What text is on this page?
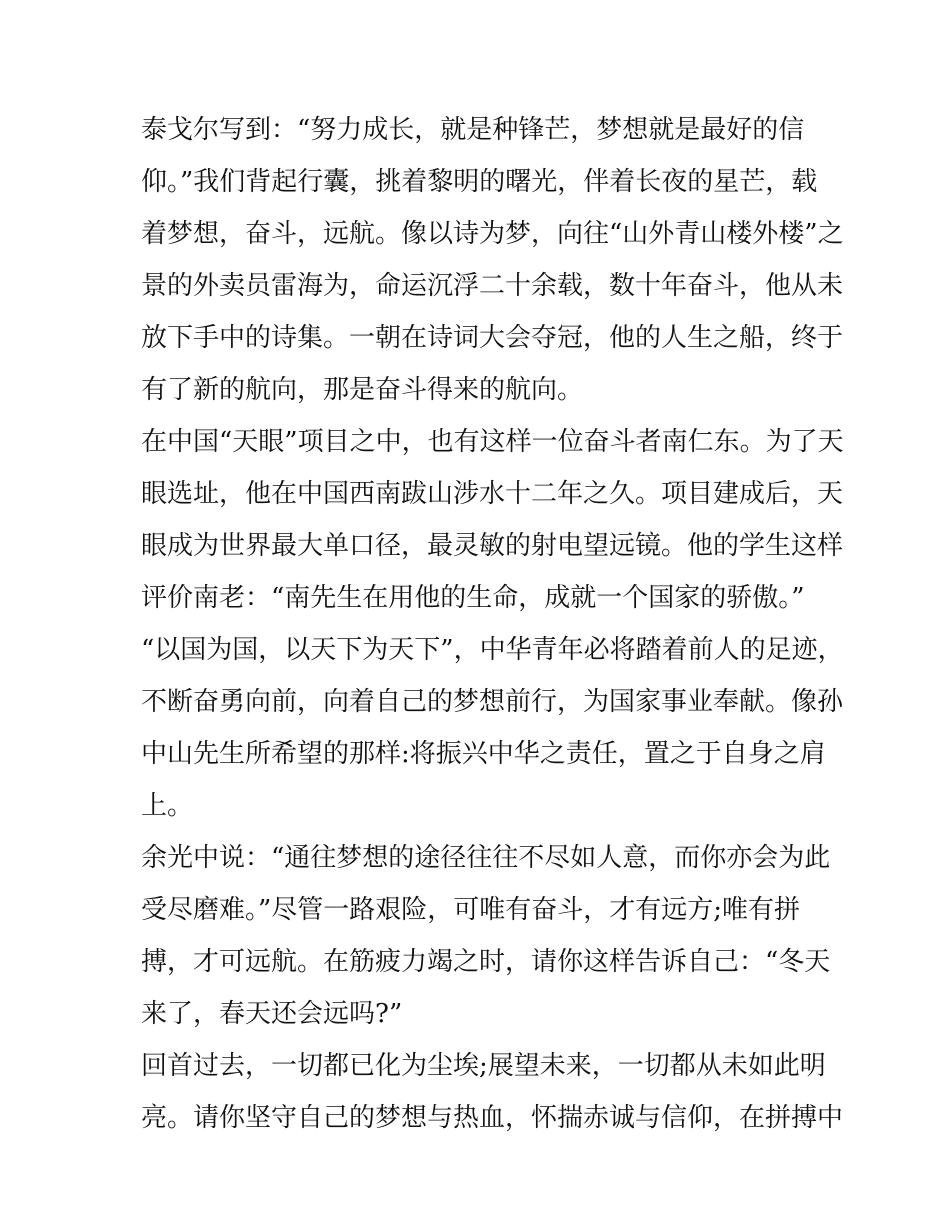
泰戈尔写到：“努力成长，就是种锋芒，梦想就是最好的信
仰。”我们背起行囊，挑着黎明的曙光，伴着长夜的星芒，载
着梦想，奋斗，远航。像以诗为梦，向往“山外青山楼外楼”之
景的外卖员雷海为，命运沉浮二十余载，数十年奋斗，他从未
放下手中的诗集。一朝在诗词大会夺冠，他的人生之船，终于
有了新的航向，那是奋斗得来的航向。
在中国“天眼”项目之中，也有这样一位奋斗者南仁东。为了天
眼选址，他在中国西南跋山涉水十二年之久。项目建成后，天
眼成为世界最大单口径，最灵敏的射电望远镜。他的学生这样
评价南老：“南先生在用他的生命，成就一个国家的骄傲。”
“以国为国，以天下为天下”，中华青年必将踏着前人的足迹，
不断奋勇向前，向着自己的梦想前行，为国家事业奉献。像孙
中山先生所希望的那样:将振兴中华之责任，置之于自身之肩
上。
余光中说：“通往梦想的途径往往不尽如人意，而你亦会为此
受尽磨难。”尽管一路艰险，可唯有奋斗，才有远方;唯有拼
搏，才可远航。在筋疲力竭之时，请你这样告诉自己：“冬天
来了，春天还会远吗?”
回首过去，一切都已化为尘埃;展望未来，一切都从未如此明
亮。请你坚守自己的梦想与热血，怀揣赤诚与信仰，在拼搏中
